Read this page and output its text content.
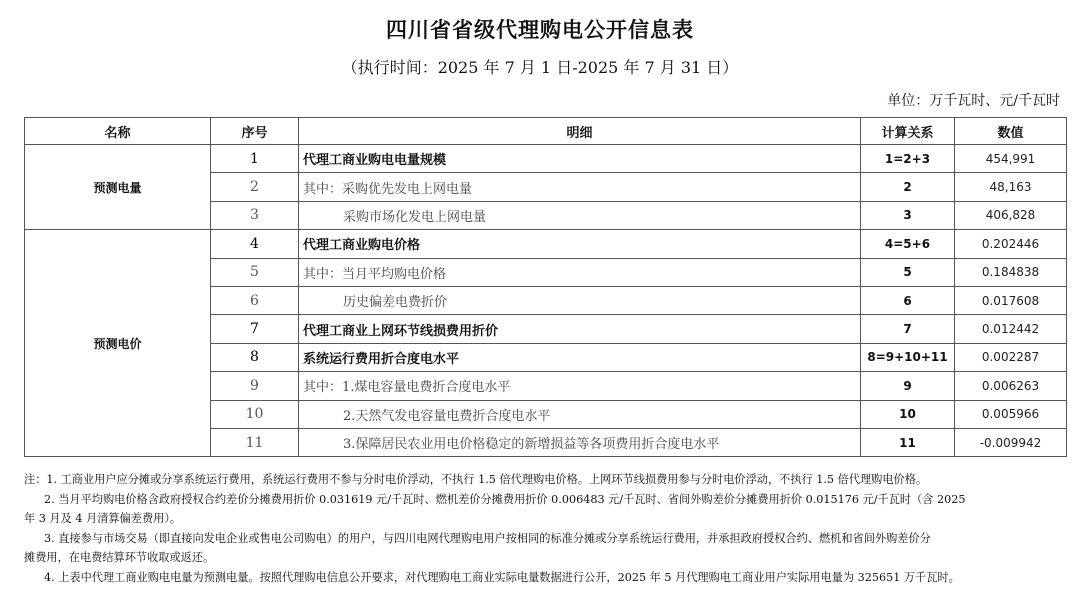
四川省省级代理购电公开信息表
（执行时间：2025 年 7 月 1 日-2025 年 7 月 31 日）
单位：万千瓦时、元/千瓦时
名称	序号	明细	计算关系	数值
预测电量	1	代理工商业购电电量规模	1=2+3	454,991
	2	其中：采购优先发电上网电量	2	48,163
	3	采购市场化发电上网电量	3	406,828
预测电价	4	代理工商业购电价格	4=5+6	0.202446
	5	其中：当月平均购电价格	5	0.184838
	6	历史偏差电费折价	6	0.017608
	7	代理工商业上网环节线损费用折价	7	0.012442
	8	系统运行费用折合度电水平	8=9+10+11	0.002287
	9	其中：1.煤电容量电费折合度电水平	9	0.006263
	10	2.天然气发电容量电费折合度电水平	10	0.005966
	11	3.保障居民农业用电价格稳定的新增损益等各项费用折合度电水平	11	-0.009942

注：1. 工商业用户应分摊或分享系统运行费用，系统运行费用不参与分时电价浮动，不执行 1.5 倍代理购电价格。上网环节线损费用参与分时电价浮动，不执行 1.5 倍代理购电价格。

2. 当月平均购电价格含政府授权合约差价分摊费用折价 0.031619 元/千瓦时、燃机差价分摊费用折价 0.006483 元/千瓦时、省间外购差价分摊费用折价 0.015176 元/千瓦时（含 2025

年 3 月及 4 月清算偏差费用）。

3. 直接参与市场交易（即直接向发电企业或售电公司购电）的用户，与四川电网代理购电用户按相同的标准分摊或分享系统运行费用，并承担政府授权合约、燃机和省间外购差价分

摊费用，在电费结算环节收取或返还。

4. 上表中代理工商业购电电量为预测电量。按照代理购电信息公开要求，对代理购电工商业实际电量数据进行公开，2025 年 5 月代理购电工商业用户实际用电量为 325651 万千瓦时。
